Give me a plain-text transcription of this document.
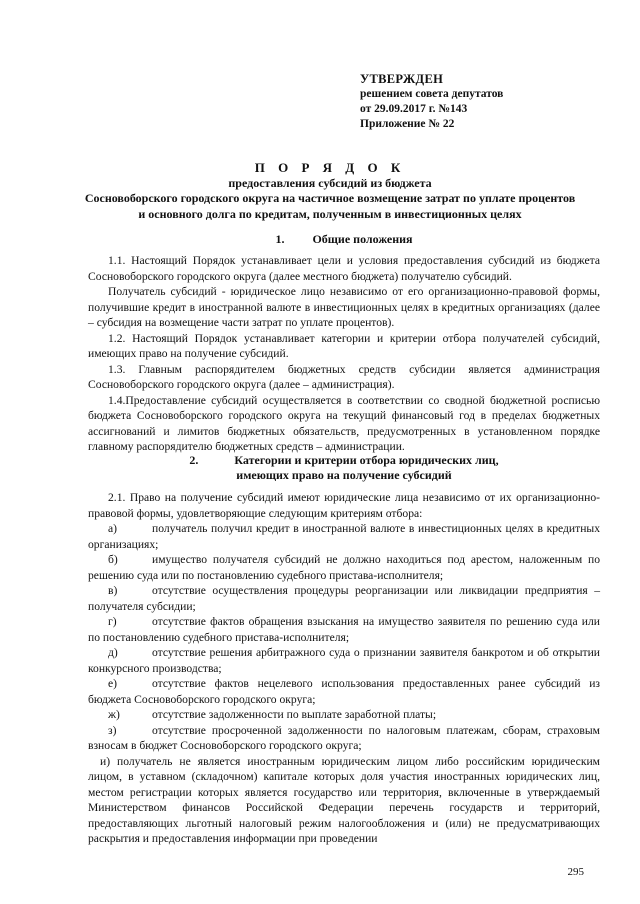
УТВЕРЖДЕН
решением совета депутатов
от 29.09.2017 г. №143
Приложение № 22
П О Р Я Д О К
предоставления субсидий из бюджета
Сосновоборского городского округа на частичное возмещение затрат по уплате процентов
и основного долга по кредитам, полученным в инвестиционных целях
1. Общие положения

1.1. Настоящий Порядок устанавливает цели и условия предоставления субсидий из бюджета Сосновоборского городского округа (далее местного бюджета) получателю субсидий.

Получатель субсидий - юридическое лицо независимо от его организационно-правовой формы, получившие кредит в иностранной валюте в инвестиционных целях в кредитных организациях (далее – субсидия на возмещение части затрат по уплате процентов).

1.2. Настоящий Порядок устанавливает категории и критерии отбора получателей субсидий, имеющих право на получение субсидий.

1.3. Главным распорядителем бюджетных средств субсидии является администрация Сосновоборского городского округа (далее – администрация).

1.4.Предоставление субсидий осуществляется в соответствии со сводной бюджетной росписью бюджета Сосновоборского городского округа на текущий финансовый год в пределах бюджетных ассигнований и лимитов бюджетных обязательств, предусмотренных в установленном порядке главному распорядителю бюджетных средств – администрации.

2.	Категории и критерии отбора юридических лиц,
имеющих право на получение субсидий

2.1. Право на получение субсидий имеют юридические лица независимо от их организационно-правовой формы, удовлетворяющие следующим критериям отбора:

а)	получатель получил кредит в иностранной валюте в инвестиционных целях в кредитных организациях;

б)	имущество получателя субсидий не должно находиться под арестом, наложенным по решению суда или по постановлению судебного пристава-исполнителя;

в)	отсутствие осуществления процедуры реорганизации или ликвидации предприятия – получателя субсидии;

г)	отсутствие фактов обращения взыскания на имущество заявителя по решению суда или по постановлению судебного пристава-исполнителя;

д)	отсутствие решения арбитражного суда о признании заявителя банкротом и об открытии конкурсного производства;

е)	отсутствие фактов нецелевого использования предоставленных ранее субсидий из бюджета Сосновоборского городского округа;

ж)	отсутствие задолженности по выплате заработной платы;

з)	отсутствие просроченной задолженности по налоговым платежам, сборам, страховым взносам в бюджет Сосновоборского городского округа;

и) получатель не является иностранным юридическим лицом либо российским юридическим лицом, в уставном (складочном) капитале которых доля участия иностранных юридических лиц, местом регистрации которых является государство или территория, включенные в утверждаемый Министерством финансов Российской Федерации перечень государств и территорий, предоставляющих льготный налоговый режим налогообложения и (или) не предусматривающих раскрытия и предоставления информации при проведении

295
